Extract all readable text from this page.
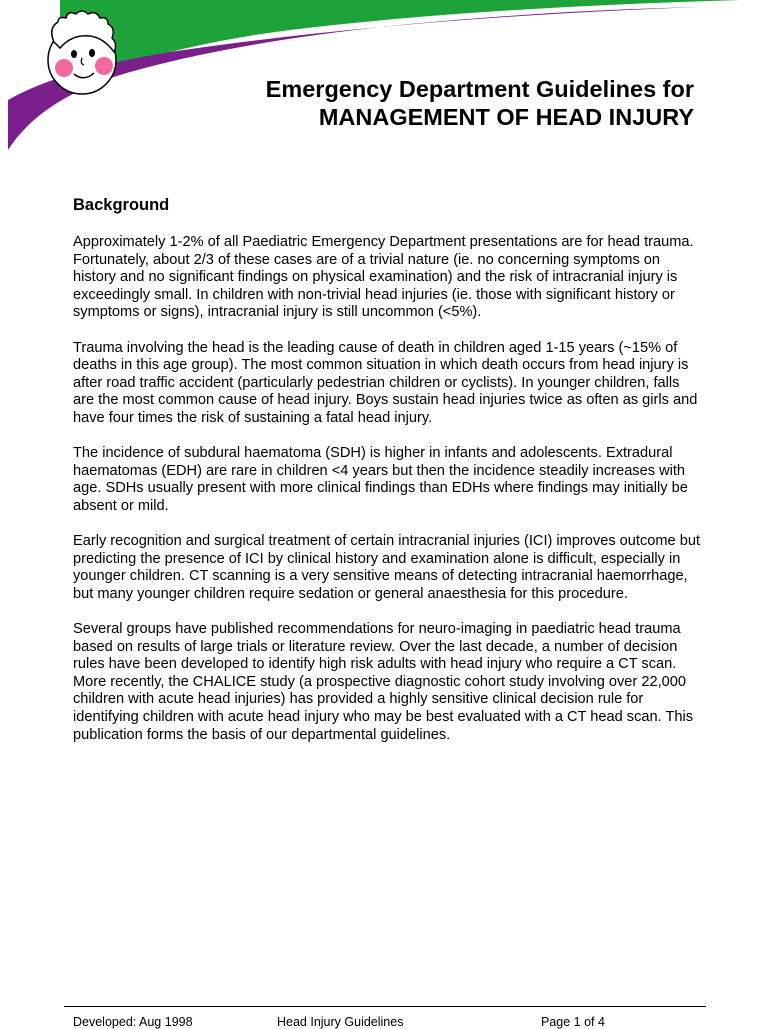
Emergency Department Guidelines for
MANAGEMENT OF HEAD INJURY
Background

Approximately 1-2% of all Paediatric Emergency Department presentations are for head trauma. Fortunately, about 2/3 of these cases are of a trivial nature (ie. no concerning symptoms on history and no significant findings on physical examination) and the risk of intracranial injury is exceedingly small. In children with non-trivial head injuries (ie. those with significant history or symptoms or signs), intracranial injury is still uncommon (<5%).

Trauma involving the head is the leading cause of death in children aged 1-15 years (~15% of deaths in this age group). The most common situation in which death occurs from head injury is after road traffic accident (particularly pedestrian children or cyclists). In younger children, falls are the most common cause of head injury. Boys sustain head injuries twice as often as girls and have four times the risk of sustaining a fatal head injury.

The incidence of subdural haematoma (SDH) is higher in infants and adolescents. Extradural haematomas (EDH) are rare in children <4 years but then the incidence steadily increases with age. SDHs usually present with more clinical findings than EDHs where findings may initially be absent or mild.

Early recognition and surgical treatment of certain intracranial injuries (ICI) improves outcome but predicting the presence of ICI by clinical history and examination alone is difficult, especially in younger children. CT scanning is a very sensitive means of detecting intracranial haemorrhage, but many younger children require sedation or general anaesthesia for this procedure.

Several groups have published recommendations for neuro-imaging in paediatric head trauma based on results of large trials or literature review. Over the last decade, a number of decision rules have been developed to identify high risk adults with head injury who require a CT scan. More recently, the CHALICE study (a prospective diagnostic cohort study involving over 22,000 children with acute head injuries) has provided a highly sensitive clinical decision rule for identifying children with acute head injury who may be best evaluated with a CT head scan. This publication forms the basis of our departmental guidelines.

Developed: Aug 1998	Head Injury Guidelines	Page 1 of 4
